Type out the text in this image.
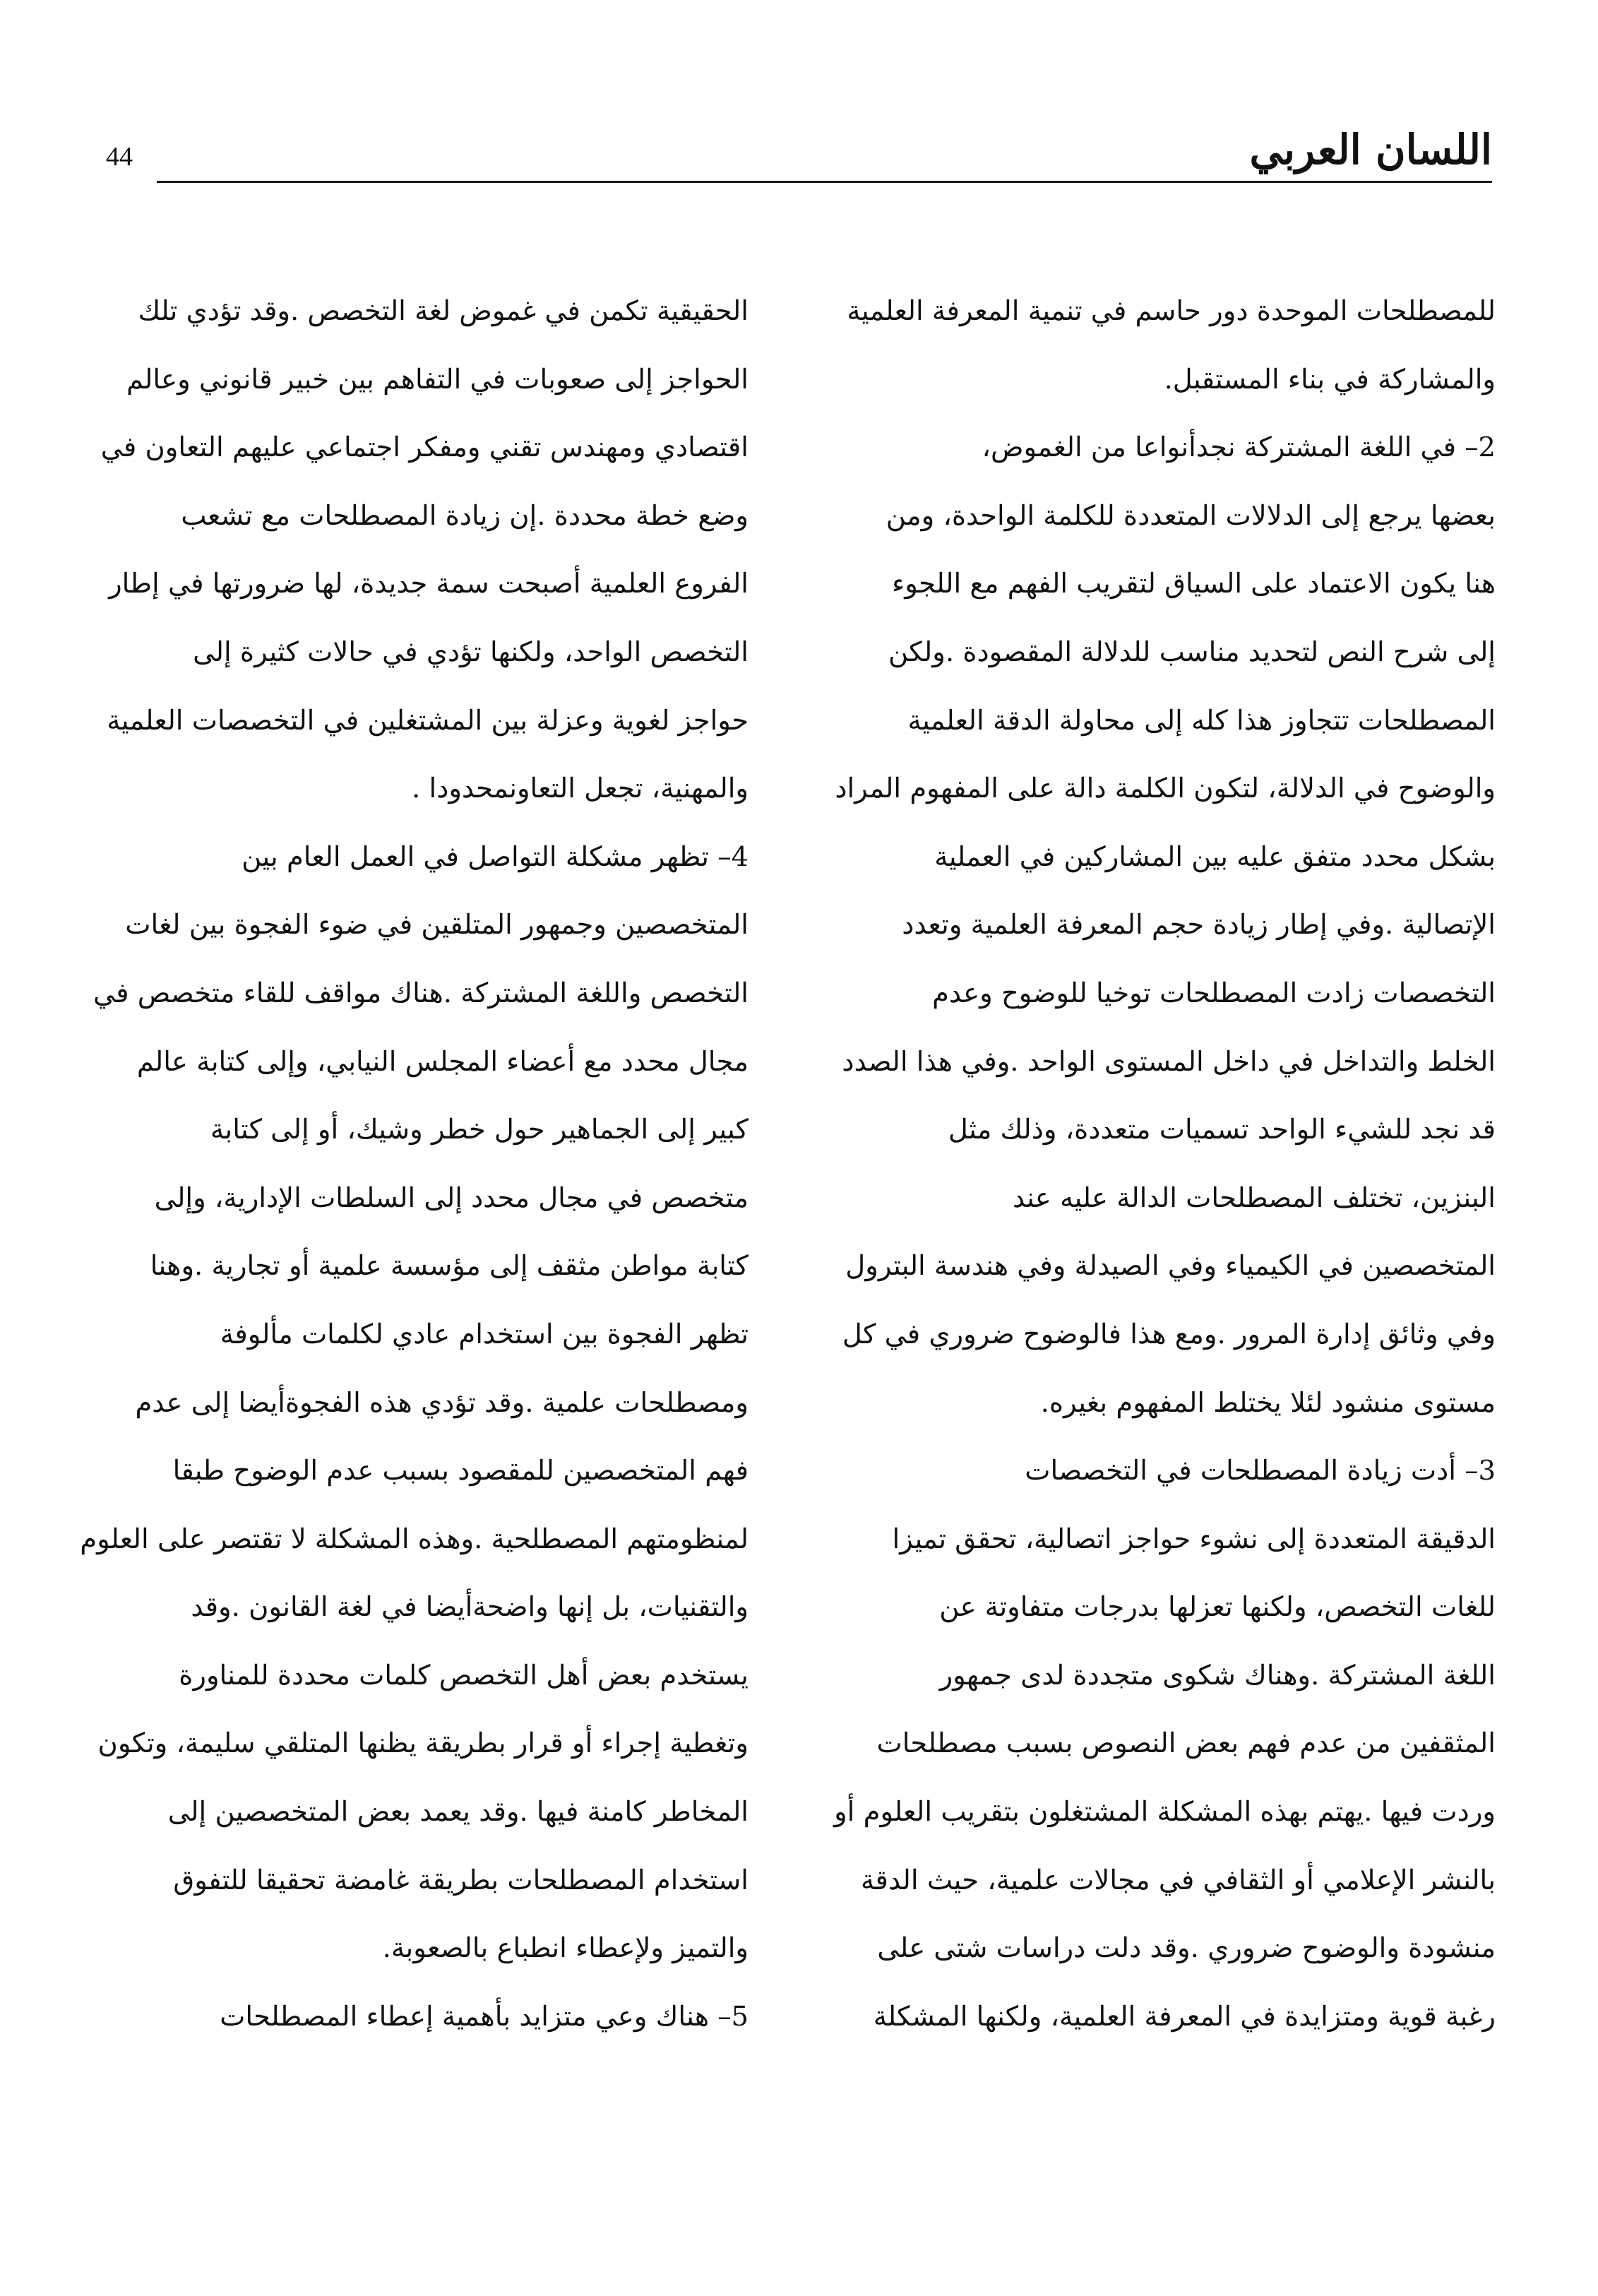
44	اللسان العربي

للمصطلحات الموحدة دور حاسم في تنمية المعرفة العلمية
والمشاركة في بناء المستقبل.

2– في اللغة المشتركة نجدأنواعا من الغموض،
بعضها يرجع إلى الدلالات المتعددة للكلمة الواحدة، ومن
هنا يكون الاعتماد على السياق لتقريب الفهم مع اللجوء
إلى شرح النص لتحديد مناسب للدلالة المقصودة .ولكن
المصطلحات تتجاوز هذا كله إلى محاولة الدقة العلمية
والوضوح في الدلالة، لتكون الكلمة دالة على المفهوم المراد
بشكل محدد متفق عليه بين المشاركين في العملية
الإتصالية .وفي إطار زيادة حجم المعرفة العلمية وتعدد
التخصصات زادت المصطلحات توخيا للوضوح وعدم
الخلط والتداخل في داخل المستوى الواحد .وفي هذا الصدد
قد نجد للشيء الواحد تسميات متعددة، وذلك مثل
البنزين، تختلف المصطلحات الدالة عليه عند
المتخصصين في الكيمياء وفي الصيدلة وفي هندسة البترول
وفي وثائق إدارة المرور .ومع هذا فالوضوح ضروري في كل
مستوى منشود لئلا يختلط المفهوم بغيره.

3– أدت زيادة المصطلحات في التخصصات
الدقيقة المتعددة إلى نشوء حواجز اتصالية، تحقق تميزا
للغات التخصص، ولكنها تعزلها بدرجات متفاوتة عن
اللغة المشتركة .وهناك شكوى متجددة لدى جمهور
المثقفين من عدم فهم بعض النصوص بسبب مصطلحات
وردت فيها .يهتم بهذه المشكلة المشتغلون بتقريب العلوم أو
بالنشر الإعلامي أو الثقافي في مجالات علمية، حيث الدقة
منشودة والوضوح ضروري .وقد دلت دراسات شتى على
رغبة قوية ومتزايدة في المعرفة العلمية، ولكنها المشكلة

الحقيقية تكمن في غموض لغة التخصص .وقد تؤدي تلك
الحواجز إلى صعوبات في التفاهم بين خبير قانوني وعالم
اقتصادي ومهندس تقني ومفكر اجتماعي عليهم التعاون في
وضع خطة محددة .إن زيادة المصطلحات مع تشعب
الفروع العلمية أصبحت سمة جديدة، لها ضرورتها في إطار
التخصص الواحد، ولكنها تؤدي في حالات كثيرة إلى
حواجز لغوية وعزلة بين المشتغلين في التخصصات العلمية
والمهنية، تجعل التعاونمحدودا .

4– تظهر مشكلة التواصل في العمل العام بين
المتخصصين وجمهور المتلقين في ضوء الفجوة بين لغات
التخصص واللغة المشتركة .هناك مواقف للقاء متخصص في
مجال محدد مع أعضاء المجلس النيابي، وإلى كتابة عالم
كبير إلى الجماهير حول خطر وشيك، أو إلى كتابة
متخصص في مجال محدد إلى السلطات الإدارية، وإلى
كتابة مواطن مثقف إلى مؤسسة علمية أو تجارية .وهنا
تظهر الفجوة بين استخدام عادي لكلمات مألوفة
ومصطلحات علمية .وقد تؤدي هذه الفجوةأيضا إلى عدم
فهم المتخصصين للمقصود بسبب عدم الوضوح طبقا
لمنظومتهم المصطلحية .وهذه المشكلة لا تقتصر على العلوم
والتقنيات، بل إنها واضحةأيضا في لغة القانون .وقد
يستخدم بعض أهل التخصص كلمات محددة للمناورة
وتغطية إجراء أو قرار بطريقة يظنها المتلقي سليمة، وتكون
المخاطر كامنة فيها .وقد يعمد بعض المتخصصين إلى
استخدام المصطلحات بطريقة غامضة تحقيقا للتفوق
والتميز ولإعطاء انطباع بالصعوبة.

5– هناك وعي متزايد بأهمية إعطاء المصطلحات
